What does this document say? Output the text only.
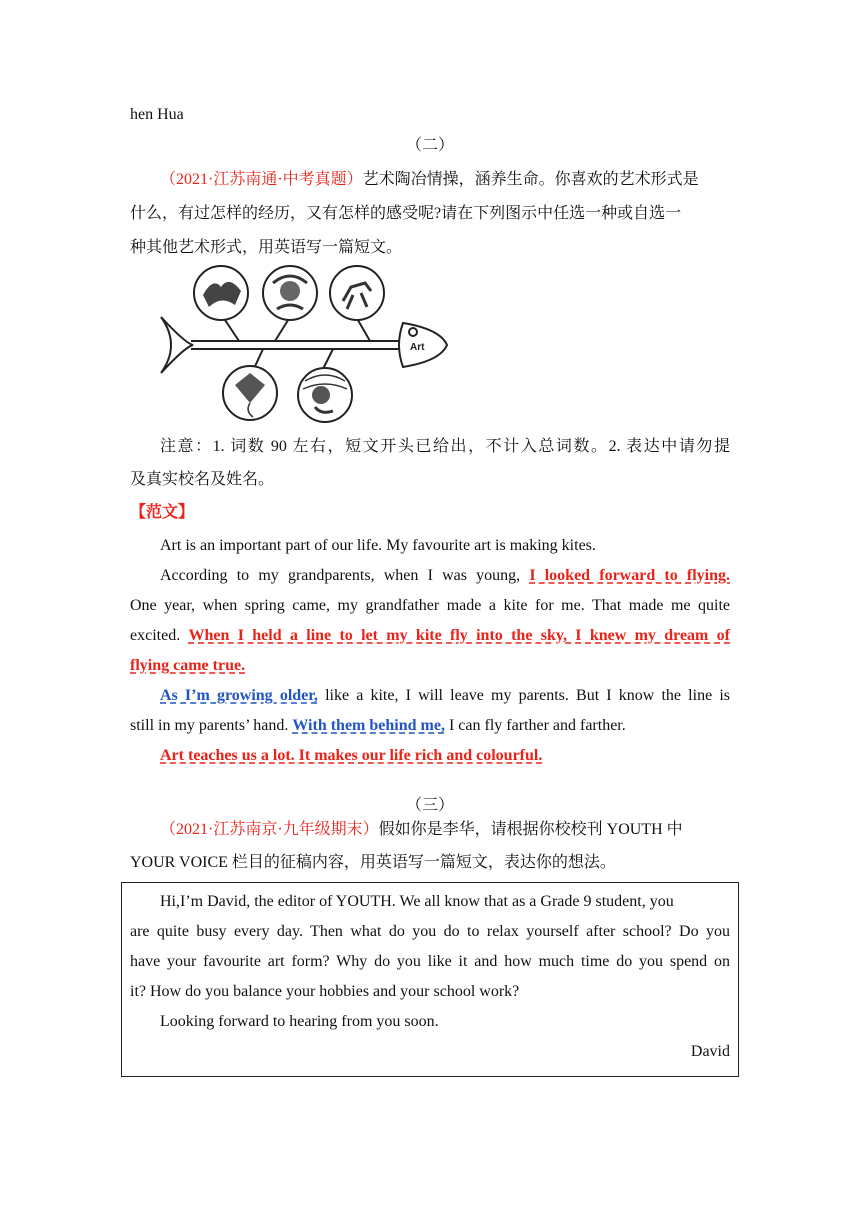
hen Hua
（二）
（2021·江苏南通·中考真题）艺术陶冶情操，涵养生命。你喜欢的艺术形式是
什么，有过怎样的经历，又有怎样的感受呢?请在下列图示中任选一种或自选一
种其他艺术形式，用英语写一篇短文。
Art
注意：1. 词数 90 左右，短文开头已给出，不计入总词数。2. 表达中请勿提
及真实校名及姓名。
【范文】
Art is an important part of our life. My favourite art is making kites.
According to my grandparents, when I was young, I looked forward to flying.
One year, when spring came, my grandfather made a kite for me. That made me quite
excited. When I held a line to let my kite fly into the sky, I knew my dream of
flying came true.
As I’m growing older, like a kite, I will leave my parents. But I know the line is
still in my parents’ hand. With them behind me, I can fly farther and farther.
Art teaches us a lot. It makes our life rich and colourful.
（三）
（2021·江苏南京·九年级期末）假如你是李华，请根据你校校刊 YOUTH 中
YOUR VOICE 栏目的征稿内容，用英语写一篇短文，表达你的想法。
Hi,I’m David, the editor of YOUTH. We all know that as a Grade 9 student, you
are quite busy every day. Then what do you do to relax yourself after school? Do you
have your favourite art form? Why do you like it and how much time do you spend on
it? How do you balance your hobbies and your school work?
Looking forward to hearing from you soon.
David
